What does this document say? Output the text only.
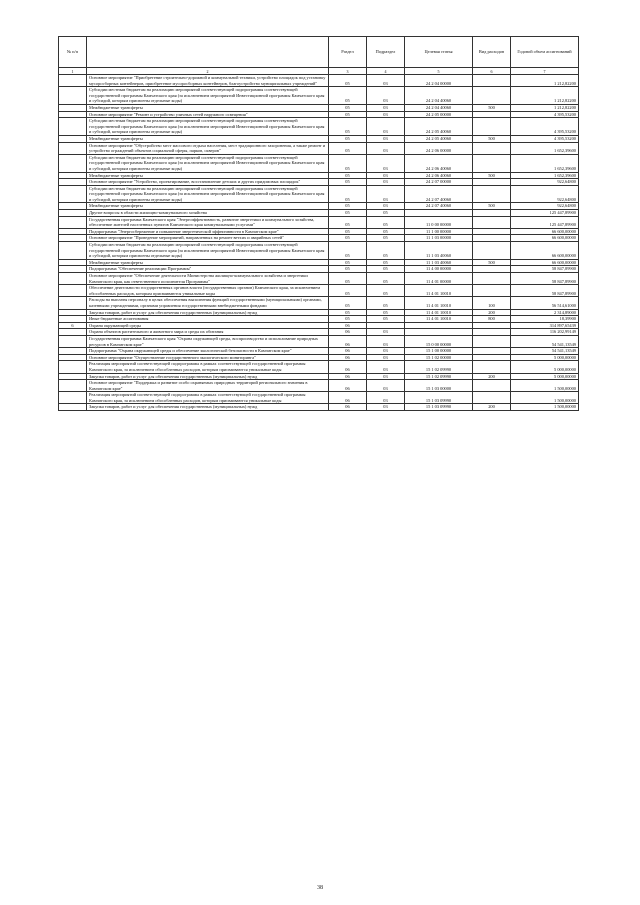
№ п/п		Раздел	Подраздел	Целевая статья	Вид расходов	Годовой объем ассигнований
1	2	3	4	5	6	7
	Основное мероприятие "Приобретение строительно-дорожной и коммунальной техники, устройство площадок под установку мусоросборных контейнеров, приобретение мусоросборных контейнеров, благоустройство муниципальных учреждений"	05	03	24 2 04 00000		1 212,82200
	Субсидии местным бюджетам на реализацию мероприятий соответствующей подпрограммы соответствующей государственной программы Камчатского края (за исключением мероприятий Инвестиционной программы Камчатского края и субсидий, которым присвоены отдельные коды)	05	03	24 2 04 40060		1 212,82200
	Межбюджетные трансферты	05	03	24 2 04 40060	500	1 212,82200
	Основное мероприятие "Ремонт и устройство уличных сетей наружного освещения"	05	03	24 2 05 00000		4 395,53200
	Субсидии местным бюджетам на реализацию мероприятий соответствующей подпрограммы соответствующей государственной программы Камчатского края (за исключением мероприятий Инвестиционной программы Камчатского края и субсидий, которым присвоены отдельные коды)	05	03	24 2 05 40060		4 395,53200
	Межбюджетные трансферты	05	03	24 2 05 40060	500	4 395,53200
	Основное мероприятие "Обустройство мест массового отдыха населения, мест традиционного захоронения, а также ремонт и устройство ограждений объектов социальной сферы, парков, скверов"	05	03	24 2 06 00000		1 652,39600
	Субсидии местным бюджетам на реализацию мероприятий соответствующей подпрограммы соответствующей государственной программы Камчатского края (за исключением мероприятий Инвестиционной программы Камчатского края и субсидий, которым присвоены отдельные коды)	05	03	24 2 06 40060		1 652,39600
	Межбюджетные трансферты	05	03	24 2 06 40060	500	1 652,39600
	Основное мероприятие "Устройство, проектирование, восстановление детских и других придомовых площадок"	05	03	24 2 07 00000		922,64800
	Субсидии местным бюджетам на реализацию мероприятий соответствующей подпрограммы соответствующей государственной программы Камчатского края (за исключением мероприятий Инвестиционной программы Камчатского края и субсидий, которым присвоены отдельные коды)	05	03	24 2 07 40060		922,64800
	Межбюджетные трансферты	05	03	24 2 07 40060	500	922,64800
	Другие вопросы в области жилищно-коммунального хозяйства	05	05			125 447,89900
	Государственная программа Камчатского края "Энергоэффективность, развитие энергетики и коммунального хозяйства, обеспечение жителей населенных пунктов Камчатского края коммунальными услугами"	05	05	11 0 00 00000		125 447,89900
	Подпрограмма "Энергосбережение и повышение энергетической эффективности в Камчатском крае"	05	05	11 1 00 00000		66 600,00000
	Основное мероприятие "Проведение мероприятий, направленных на ремонт ветхих и аварийных сетей"	05	05	11 1 03 00000		66 600,00000
	Субсидии местным бюджетам на реализацию мероприятий соответствующей подпрограммы соответствующей государственной программы Камчатского края (за исключением мероприятий Инвестиционной программы Камчатского края и субсидий, которым присвоены отдельные коды)	05	05	11 1 03 40060		66 600,00000
	Межбюджетные трансферты	05	05	11 1 03 40060	500	66 600,00000
	Подпрограмма "Обеспечение реализации Программы"	05	05	11 4 00 00000		58 847,89900
	Основное мероприятие "Обеспечение деятельности Министерства жилищно-коммунального хозяйства и энергетики Камчатского края, как ответственного исполнителя Программы"	05	05	11 4 01 00000		58 847,89900
	Обеспечение деятельности государственных органов власти (государственных органов) Камчатского края, за исключением обособленных расходов, которым присваиваются уникальные коды	05	05	11 4 01 10010		58 847,89900
	Расходы на выплаты персоналу в целях обеспечения выполнения функций государственными (муниципальными) органами, казенными учреждениями, органами управления государственными внебюджетными фондами	05	05	11 4 01 10010	100	56 514,61000
	Закупка товаров, работ и услуг для обеспечения государственных (муниципальных) нужд	05	05	11 4 01 10010	200	2 314,89000
	Иные бюджетные ассигнования	05	05	11 4 01 10010	800	18,39900
6	Охрана окружающей среды	06				314 897,65439
	Охрана объектов растительного и животного мира и среды их обитания	06	03			116 202,99149
	Государственная программа Камчатского края "Охрана окружающей среды, воспроизводство и использование природных ресурсов в Камчатском крае"	06	03	15 0 00 00000		54 541,13549
	Подпрограмма "Охрана окружающей среды и обеспечение экологической безопасности в Камчатском крае"	06	03	15 1 00 00000		54 541,13549
	Основное мероприятие "Осуществление государственного экологического мониторинга"	06	03	15 1 02 00000		5 000,00000
	Реализация мероприятий соответствующей подпрограммы в рамках соответствующей государственной программы Камчатского края, за исключением обособленных расходов, которым присваиваются уникальные коды	06	03	15 1 02 09990		5 000,00000
	Закупка товаров, работ и услуг для обеспечения государственных (муниципальных) нужд	06	03	15 1 02 09990	200	5 000,00000
	Основное мероприятие "Поддержка и развитие особо охраняемых природных территорий регионального значения в Камчатском крае"	06	03	15 1 03 00000		1 500,00000
	Реализация мероприятий соответствующей подпрограммы в рамках соответствующей государственной программы Камчатского края, за исключением обособленных расходов, которым присваиваются уникальные коды	06	03	15 1 03 09990		1 500,00000
	Закупка товаров, работ и услуг для обеспечения государственных (муниципальных) нужд	06	03	15 1 03 09990	200	1 500,00000
38
